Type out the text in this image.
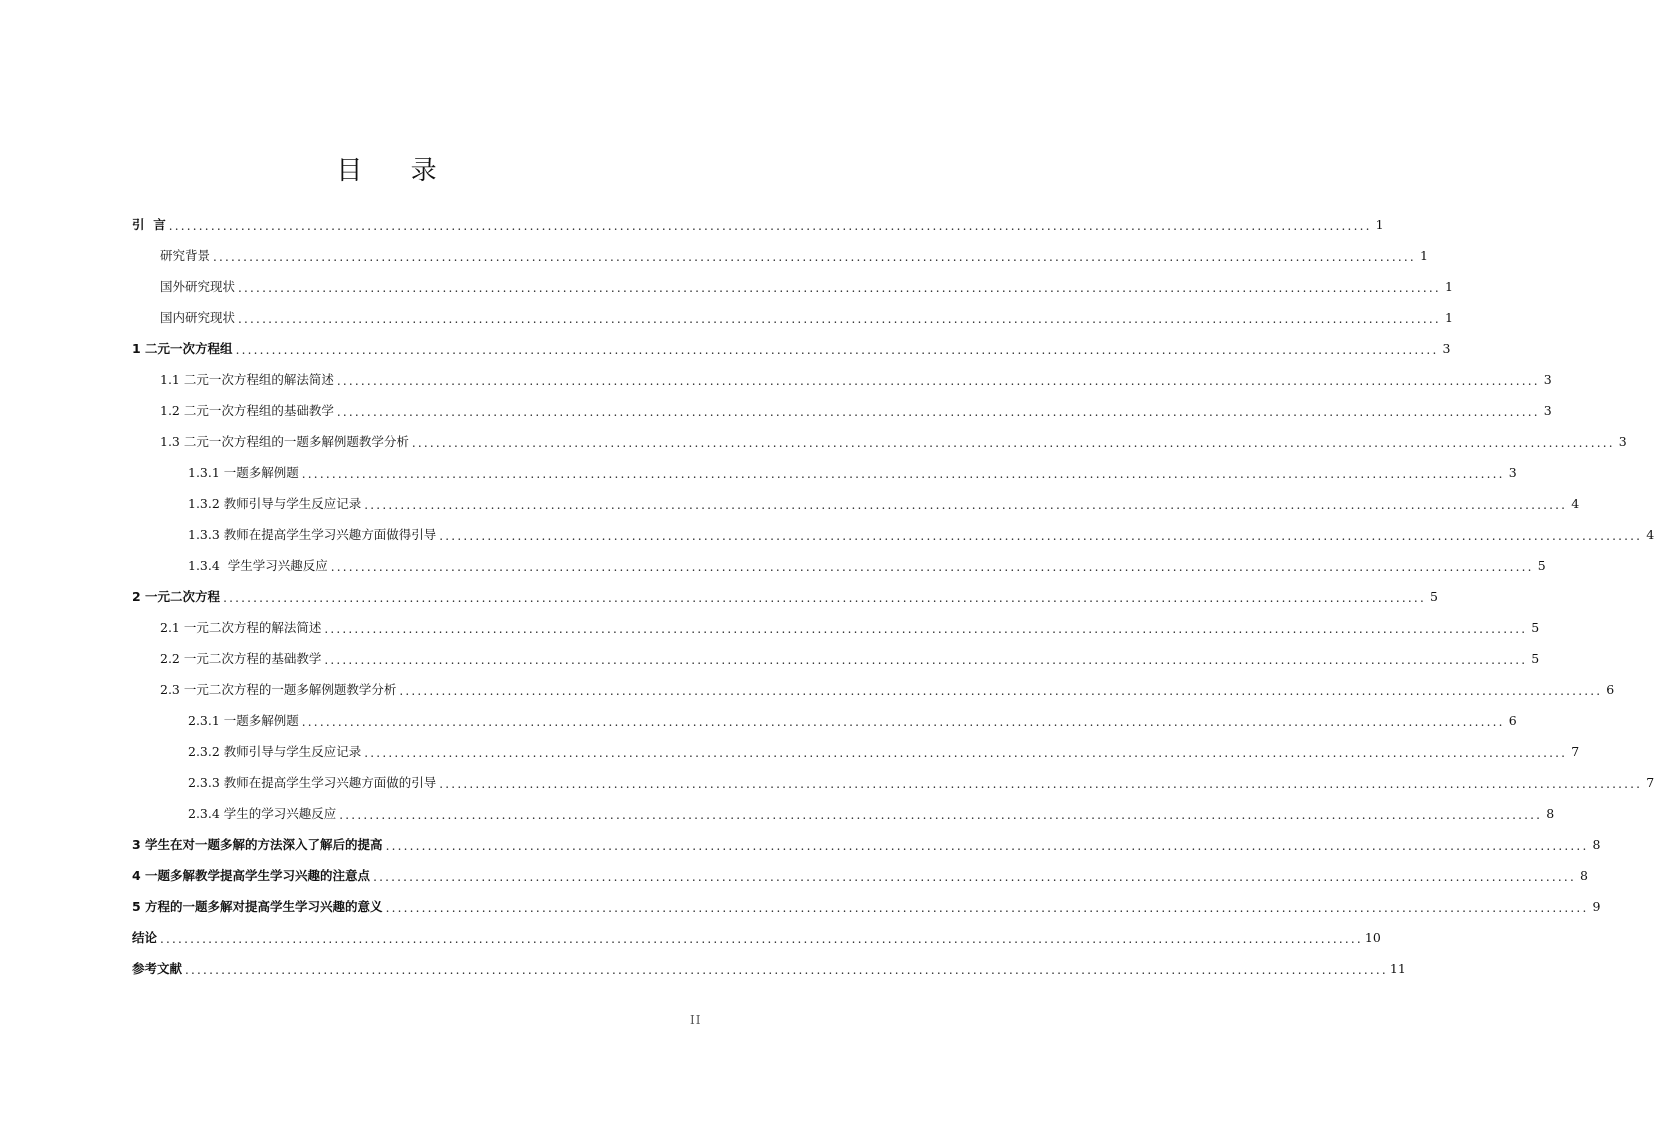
目 录
引  言 ........................................................................................................................................................................................................ 1
研究背景 ........................................................................................................................................................................................................ 1
国外研究现状 ........................................................................................................................................................................................................ 1
国内研究现状 ........................................................................................................................................................................................................ 1
1 二元一次方程组 ........................................................................................................................................................................................................ 3
1.1 二元一次方程组的解法简述 ........................................................................................................................................................................................................ 3
1.2 二元一次方程组的基础教学 ........................................................................................................................................................................................................ 3
1.3 二元一次方程组的一题多解例题教学分析 ........................................................................................................................................................................................................ 3
1.3.1 一题多解例题 ........................................................................................................................................................................................................ 3
1.3.2 教师引导与学生反应记录 ........................................................................................................................................................................................................ 4
1.3.3 教师在提高学生学习兴趣方面做得引导 ........................................................................................................................................................................................................ 4
1.3.4  学生学习兴趣反应 ........................................................................................................................................................................................................ 5
2 一元二次方程 ........................................................................................................................................................................................................ 5
2.1 一元二次方程的解法简述 ........................................................................................................................................................................................................ 5
2.2 一元二次方程的基础教学 ........................................................................................................................................................................................................ 5
2.3 一元二次方程的一题多解例题教学分析 ........................................................................................................................................................................................................ 6
2.3.1 一题多解例题 ........................................................................................................................................................................................................ 6
2.3.2 教师引导与学生反应记录 ........................................................................................................................................................................................................ 7
2.3.3 教师在提高学生学习兴趣方面做的引导 ........................................................................................................................................................................................................ 7
2.3.4 学生的学习兴趣反应 ........................................................................................................................................................................................................ 8
3 学生在对一题多解的方法深入了解后的提高 ........................................................................................................................................................................................................ 8
4 一题多解教学提高学生学习兴趣的注意点 ........................................................................................................................................................................................................ 8
5 方程的一题多解对提高学生学习兴趣的意义 ........................................................................................................................................................................................................ 9
结论 ........................................................................................................................................................................................................ 10
参考文献 ........................................................................................................................................................................................................ 11
II
